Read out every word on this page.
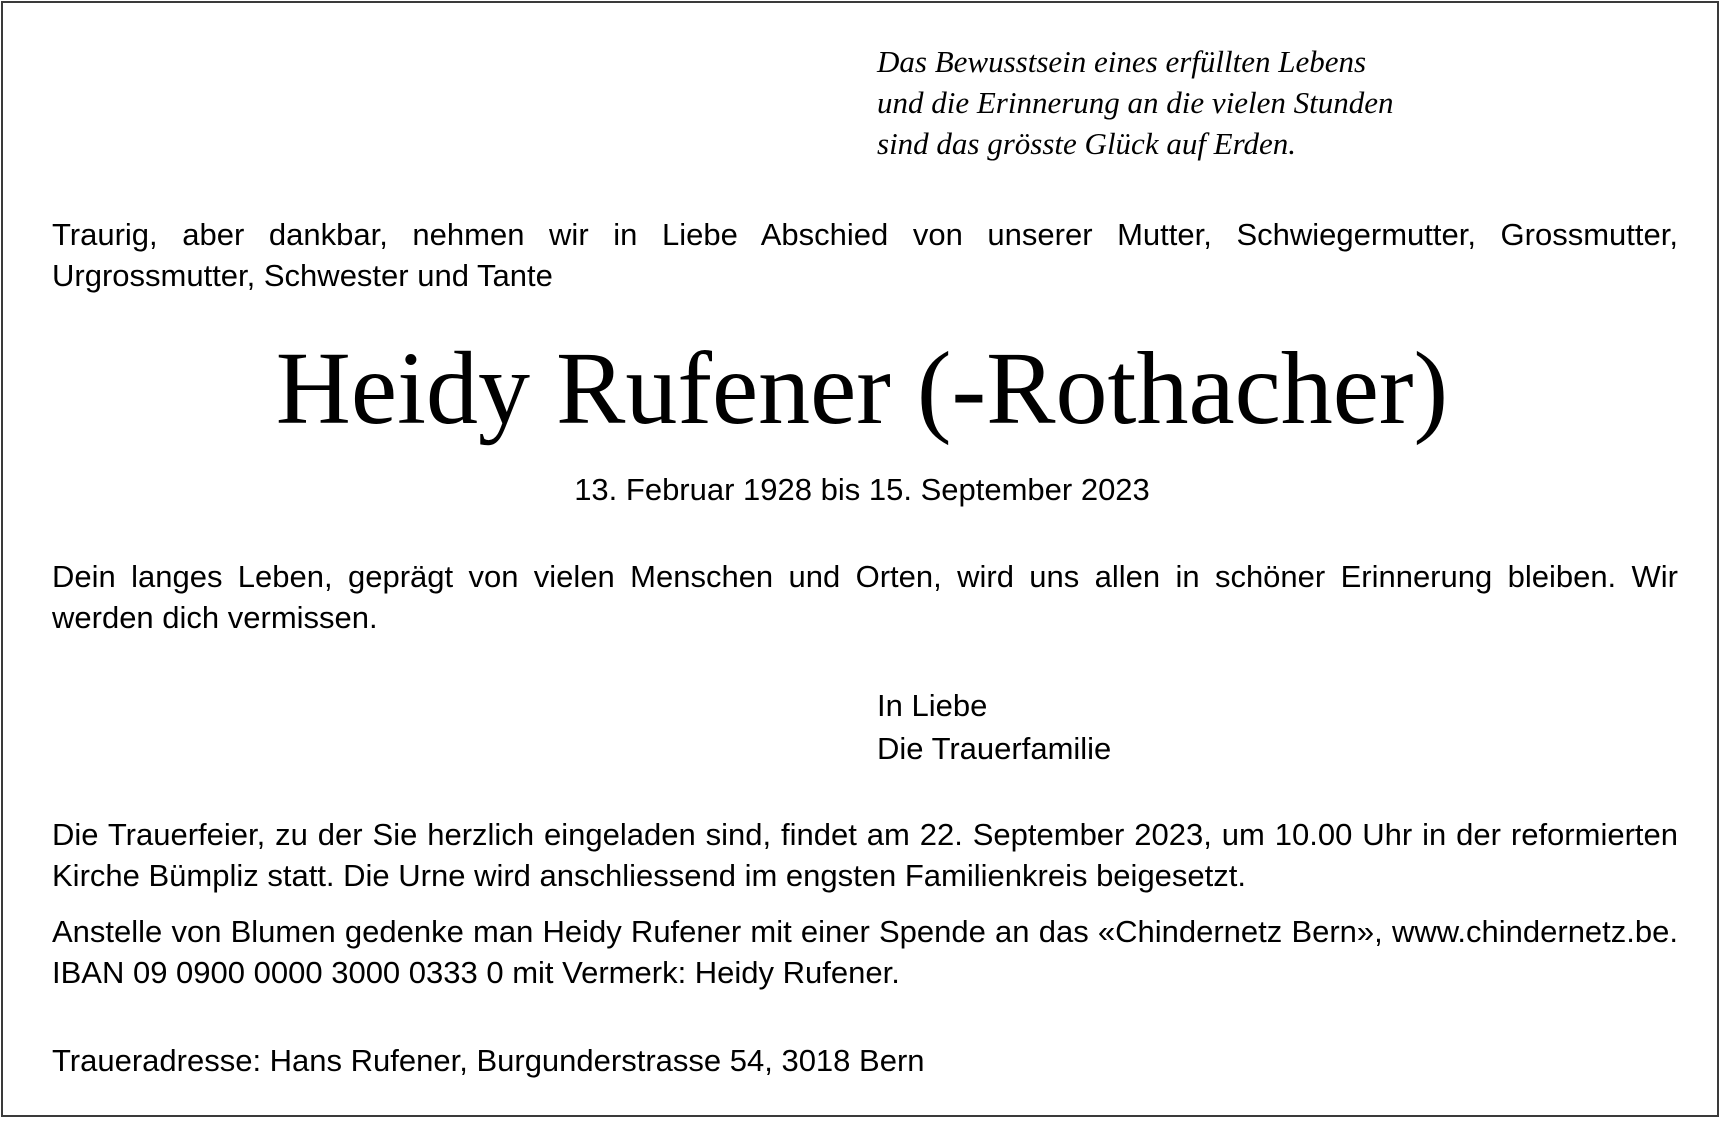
Das Bewusstsein eines erfüllten Lebens
und die Erinnerung an die vielen Stunden
sind das grösste Glück auf Erden.
Traurig, aber dankbar, nehmen wir in Liebe Abschied von unserer Mutter, Schwiegermutter, Grossmutter, Urgrossmutter, Schwester und Tante
Heidy Rufener (-Rothacher)
13. Februar 1928 bis 15. September 2023
Dein langes Leben, geprägt von vielen Menschen und Orten, wird uns allen in schöner Erinnerung bleiben. Wir werden dich vermissen.
In Liebe
Die Trauerfamilie
Die Trauerfeier, zu der Sie herzlich eingeladen sind, findet am 22. September 2023, um 10.00 Uhr in der reformierten Kirche Bümpliz statt. Die Urne wird anschliessend im engsten Familienkreis beigesetzt.
Anstelle von Blumen gedenke man Heidy Rufener mit einer Spende an das «Chindernetz Bern», www.chindernetz.be. IBAN 09 0900 0000 3000 0333 0 mit Vermerk: Heidy Rufener.
Traueradresse: Hans Rufener, Burgunderstrasse 54, 3018 Bern
